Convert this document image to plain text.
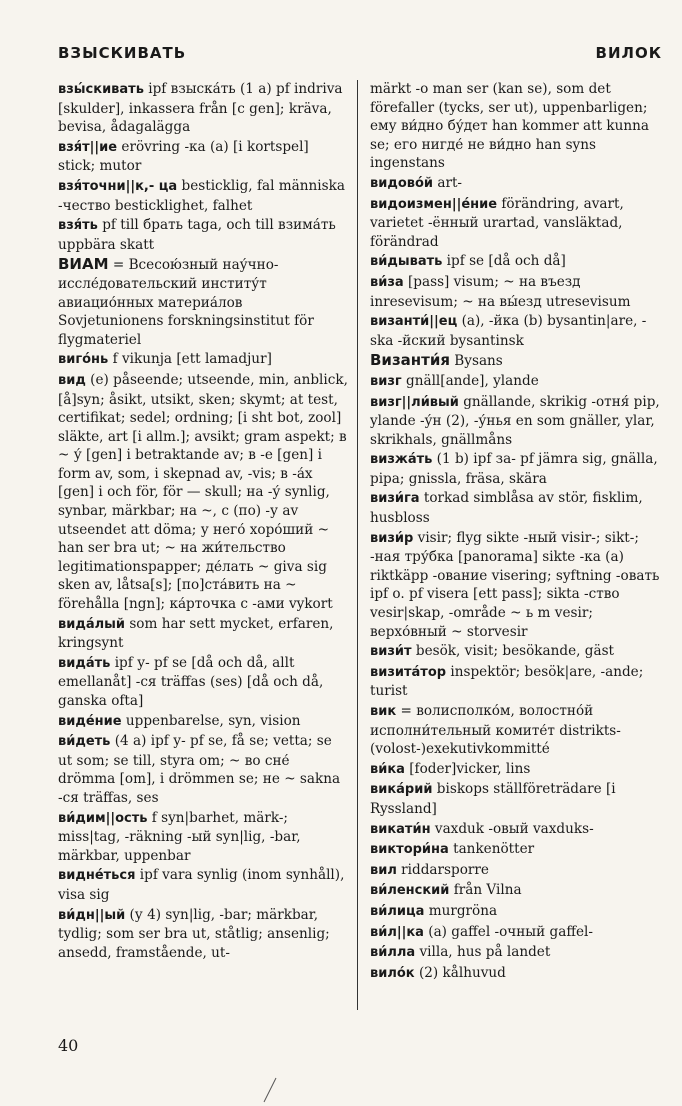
ВЗЫСКИВАТЬ	ВИЛОК
взы́скивать ipf взыска́ть (1 a) pf indriva [skulder], inkassera från [c gen]; kräva, bevisa, ådagalägga
взя́т||ие erövring -ка (a) [i kortspel] stick; mutor
взя́точни||к,- ца besticklig, fal människa -чество besticklighet, falhet
взя́ть pf till брать taga, och till взима́ть uppbära skatt
ВИАМ = Всесою́зный нау́чно-иссле́довательский институ́т авиацио́нных материа́лов Sovjetunionens forskningsinstitut för flygmateriel
виго́нь f vikunja [ett lamadjur]
вид (e) påseende; utseende, min, anblick, [å]syn; åsikt, utsikt, sken; skymt; at test, certifikat; sedel; ordning; [i sht bot, zool] släkte, art [i allm.]; avsikt; gram aspekt; в ~ у́ [gen] i betraktande av; в -е [gen] i form av, som, i skepnad av, -vis; в -а́х [gen] i och för, för — skull; на -у́ synlig, synbar, märkbar; на ~, с (по) -у av utseendet att döma; у него́ хоро́ший ~ han ser bra ut; ~ на жи́тельство legitimationspapper; де́лать ~ giva sig sken av, låtsa[s]; [по]ста́вить на ~ förehålla [ngn]; ка́рточка с -ами vykort
вида́лый som har sett mycket, erfaren, kringsynt
вида́ть ipf у- pf se [då och då, allt emellanåt] -ся träffas (ses) [då och då, ganska ofta]
виде́ние uppenbarelse, syn, vision
ви́деть (4 a) ipf у- pf se, få se; vetta; se ut som; se till, styra om; ~ во сне́ drömma [om], i drömmen se; не ~ sakna -ся träffas, ses
ви́дим||ость f syn|barhet, märk-; miss|tag, -räkning -ый syn|lig, -bar, märkbar, uppenbar
видне́ться ipf vara synlig (inom synhåll), visa sig
ви́дн||ый (у 4) syn|lig, -bar; märkbar, tydlig; som ser bra ut, ståtlig; ansenlig; ansedd, framstående, ut-
märkt -о man ser (kan se), som det förefaller (tycks, ser ut), uppenbarligen; ему ви́дно бу́дет han kommer att kunna se; его нигде́ не ви́дно han syns ingenstans
видово́й art-
видоизмен||е́ние förändring, avart, varietet -ённый urartad, vansläktad, förändrad
ви́дывать ipf se [då och då]
ви́за [pass] visum; ~ на въезд inresevisum; ~ на вы́езд utresevisum
византи́||ец (a), -йка (b) bysantin|are, -ska -йский bysantinsk
Византи́я Bysans
визг gnäll[ande], ylande
визг||ли́вый gnällande, skrikig -отня́ pip, ylande -у́н (2), -у́нья en som gnäller, ylar, skrikhals, gnällmåns
визжа́ть (1 b) ipf за- pf jämra sig, gnälla, pipa; gnissla, fräsa, skära
визи́га torkad simblåsa av stör, fisklim, husbloss
визи́р visir; flyg sikte -ный visir-; sikt-; -ная тру́бка [panorama] sikte -ка (a) riktkäpp -ование visering; syftning -овать ipf o. pf visera [ett pass]; sikta -ство vesir|skap, -område ~ ь m vesir; верхо́вный ~ storvesir
визи́т besök, visit; besökande, gäst
визита́тор inspektör; besök|are, -ande; turist
вик = волисполко́м, волостно́й исполни́тельный комите́т distrikts-(volost-)exekutivkommitté
ви́ка [foder]vicker, lins
вика́рий biskops ställföreträdare [i Ryssland]
викати́н vaxduk -овый vaxduks-
виктори́на tankenötter
вил riddarsporre
ви́ленский från Vilna
ви́лица murgröna
ви́л||ка (a) gaffel -очный gaffel-
ви́лла villa, hus på landet
вило́к (2) kålhuvud
40
